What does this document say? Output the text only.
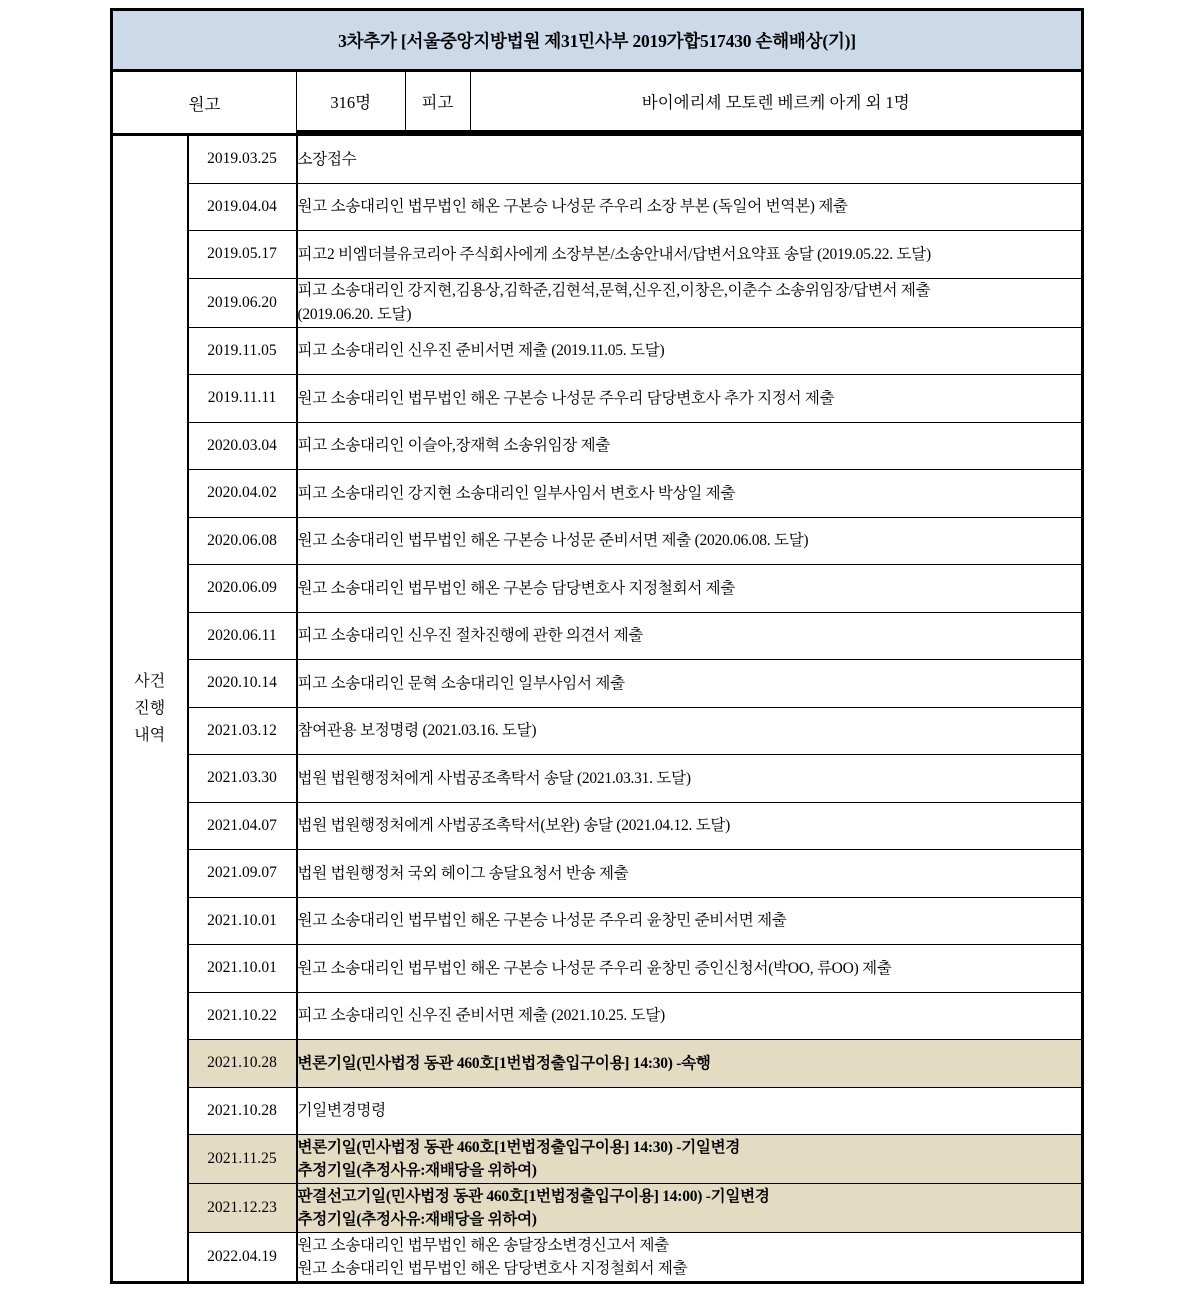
3차추가 [서울중앙지방법원 제31민사부 2019가합517430 손해배상(기)]
원고		316명	피고	바이에리셰 모토렌 베르케 아게 외 1명

사건
진행
내역
	2019.03.25	소장접수

2019.04.04	원고 소송대리인 법무법인 해온 구본승 나성문 주우리 소장 부본 (독일어 번역본) 제출

2019.05.17	피고2 비엠더블유코리아 주식회사에게 소장부본/소송안내서/답변서요약표 송달 (2019.05.22. 도달)

2019.06.20	
피고 소송대리인 강지현,김용상,김학준,김현석,문혁,신우진,이창은,이춘수 소송위임장/답변서 제출
(2019.06.20. 도달)

2019.11.05	피고 소송대리인 신우진 준비서면 제출 (2019.11.05. 도달)

2019.11.11	원고 소송대리인 법무법인 해온 구본승 나성문 주우리 담당변호사 추가 지정서 제출

2020.03.04	피고 소송대리인 이슬아,장재혁 소송위임장 제출

2020.04.02	피고 소송대리인 강지현 소송대리인 일부사임서 변호사 박상일 제출

2020.06.08	원고 소송대리인 법무법인 해온 구본승 나성문 준비서면 제출 (2020.06.08. 도달)

2020.06.09	원고 소송대리인 법무법인 해온 구본승 담당변호사 지정철회서 제출

2020.06.11	피고 소송대리인 신우진 절차진행에 관한 의견서 제출

2020.10.14	피고 소송대리인 문혁 소송대리인 일부사임서 제출

2021.03.12	참여관용 보정명령 (2021.03.16. 도달)

2021.03.30	법원 법원행정처에게 사법공조촉탁서 송달 (2021.03.31. 도달)

2021.04.07	법원 법원행정처에게 사법공조촉탁서(보완) 송달 (2021.04.12. 도달)

2021.09.07	법원 법원행정처 국외 헤이그 송달요청서 반송 제출

2021.10.01	원고 소송대리인 법무법인 해온 구본승 나성문 주우리 윤창민 준비서면 제출

2021.10.01	원고 소송대리인 법무법인 해온 구본승 나성문 주우리 윤창민 증인신청서(박OO, 류OO) 제출

2021.10.22	피고 소송대리인 신우진 준비서면 제출 (2021.10.25. 도달)

2021.10.28	변론기일(민사법정 동관 460호[1번법정출입구이용] 14:30) -속행

2021.10.28	기일변경명령

2021.11.25	
변론기일(민사법정 동관 460호[1번법정출입구이용] 14:30) -기일변경
추정기일(추정사유:재배당을 위하여)

2021.12.23	
판결선고기일(민사법정 동관 460호[1번법정출입구이용] 14:00) -기일변경
추정기일(추정사유:재배당을 위하여)

2022.04.19	
원고 소송대리인 법무법인 해온 송달장소변경신고서 제출
원고 소송대리인 법무법인 해온 담당변호사 지정철회서 제출
